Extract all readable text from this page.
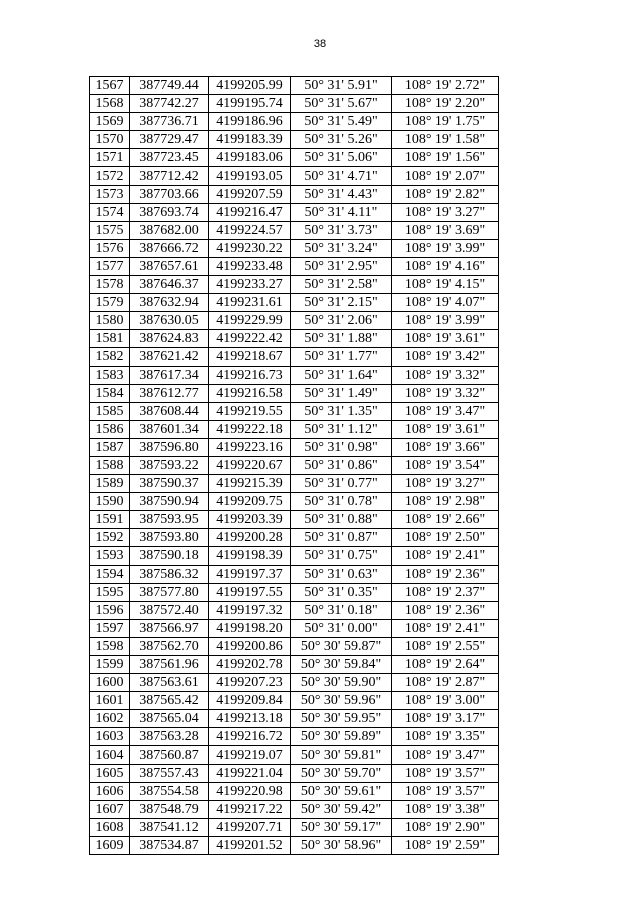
38
1567	387749.44	4199205.99	50° 31' 5.91"	108° 19' 2.72"
1568	387742.27	4199195.74	50° 31' 5.67"	108° 19' 2.20"
1569	387736.71	4199186.96	50° 31' 5.49"	108° 19' 1.75"
1570	387729.47	4199183.39	50° 31' 5.26"	108° 19' 1.58"
1571	387723.45	4199183.06	50° 31' 5.06"	108° 19' 1.56"
1572	387712.42	4199193.05	50° 31' 4.71"	108° 19' 2.07"
1573	387703.66	4199207.59	50° 31' 4.43"	108° 19' 2.82"
1574	387693.74	4199216.47	50° 31' 4.11"	108° 19' 3.27"
1575	387682.00	4199224.57	50° 31' 3.73"	108° 19' 3.69"
1576	387666.72	4199230.22	50° 31' 3.24"	108° 19' 3.99"
1577	387657.61	4199233.48	50° 31' 2.95"	108° 19' 4.16"
1578	387646.37	4199233.27	50° 31' 2.58"	108° 19' 4.15"
1579	387632.94	4199231.61	50° 31' 2.15"	108° 19' 4.07"
1580	387630.05	4199229.99	50° 31' 2.06"	108° 19' 3.99"
1581	387624.83	4199222.42	50° 31' 1.88"	108° 19' 3.61"
1582	387621.42	4199218.67	50° 31' 1.77"	108° 19' 3.42"
1583	387617.34	4199216.73	50° 31' 1.64"	108° 19' 3.32"
1584	387612.77	4199216.58	50° 31' 1.49"	108° 19' 3.32"
1585	387608.44	4199219.55	50° 31' 1.35"	108° 19' 3.47"
1586	387601.34	4199222.18	50° 31' 1.12"	108° 19' 3.61"
1587	387596.80	4199223.16	50° 31' 0.98"	108° 19' 3.66"
1588	387593.22	4199220.67	50° 31' 0.86"	108° 19' 3.54"
1589	387590.37	4199215.39	50° 31' 0.77"	108° 19' 3.27"
1590	387590.94	4199209.75	50° 31' 0.78"	108° 19' 2.98"
1591	387593.95	4199203.39	50° 31' 0.88"	108° 19' 2.66"
1592	387593.80	4199200.28	50° 31' 0.87"	108° 19' 2.50"
1593	387590.18	4199198.39	50° 31' 0.75"	108° 19' 2.41"
1594	387586.32	4199197.37	50° 31' 0.63"	108° 19' 2.36"
1595	387577.80	4199197.55	50° 31' 0.35"	108° 19' 2.37"
1596	387572.40	4199197.32	50° 31' 0.18"	108° 19' 2.36"
1597	387566.97	4199198.20	50° 31' 0.00"	108° 19' 2.41"
1598	387562.70	4199200.86	50° 30' 59.87"	108° 19' 2.55"
1599	387561.96	4199202.78	50° 30' 59.84"	108° 19' 2.64"
1600	387563.61	4199207.23	50° 30' 59.90"	108° 19' 2.87"
1601	387565.42	4199209.84	50° 30' 59.96"	108° 19' 3.00"
1602	387565.04	4199213.18	50° 30' 59.95"	108° 19' 3.17"
1603	387563.28	4199216.72	50° 30' 59.89"	108° 19' 3.35"
1604	387560.87	4199219.07	50° 30' 59.81"	108° 19' 3.47"
1605	387557.43	4199221.04	50° 30' 59.70"	108° 19' 3.57"
1606	387554.58	4199220.98	50° 30' 59.61"	108° 19' 3.57"
1607	387548.79	4199217.22	50° 30' 59.42"	108° 19' 3.38"
1608	387541.12	4199207.71	50° 30' 59.17"	108° 19' 2.90"
1609	387534.87	4199201.52	50° 30' 58.96"	108° 19' 2.59"
